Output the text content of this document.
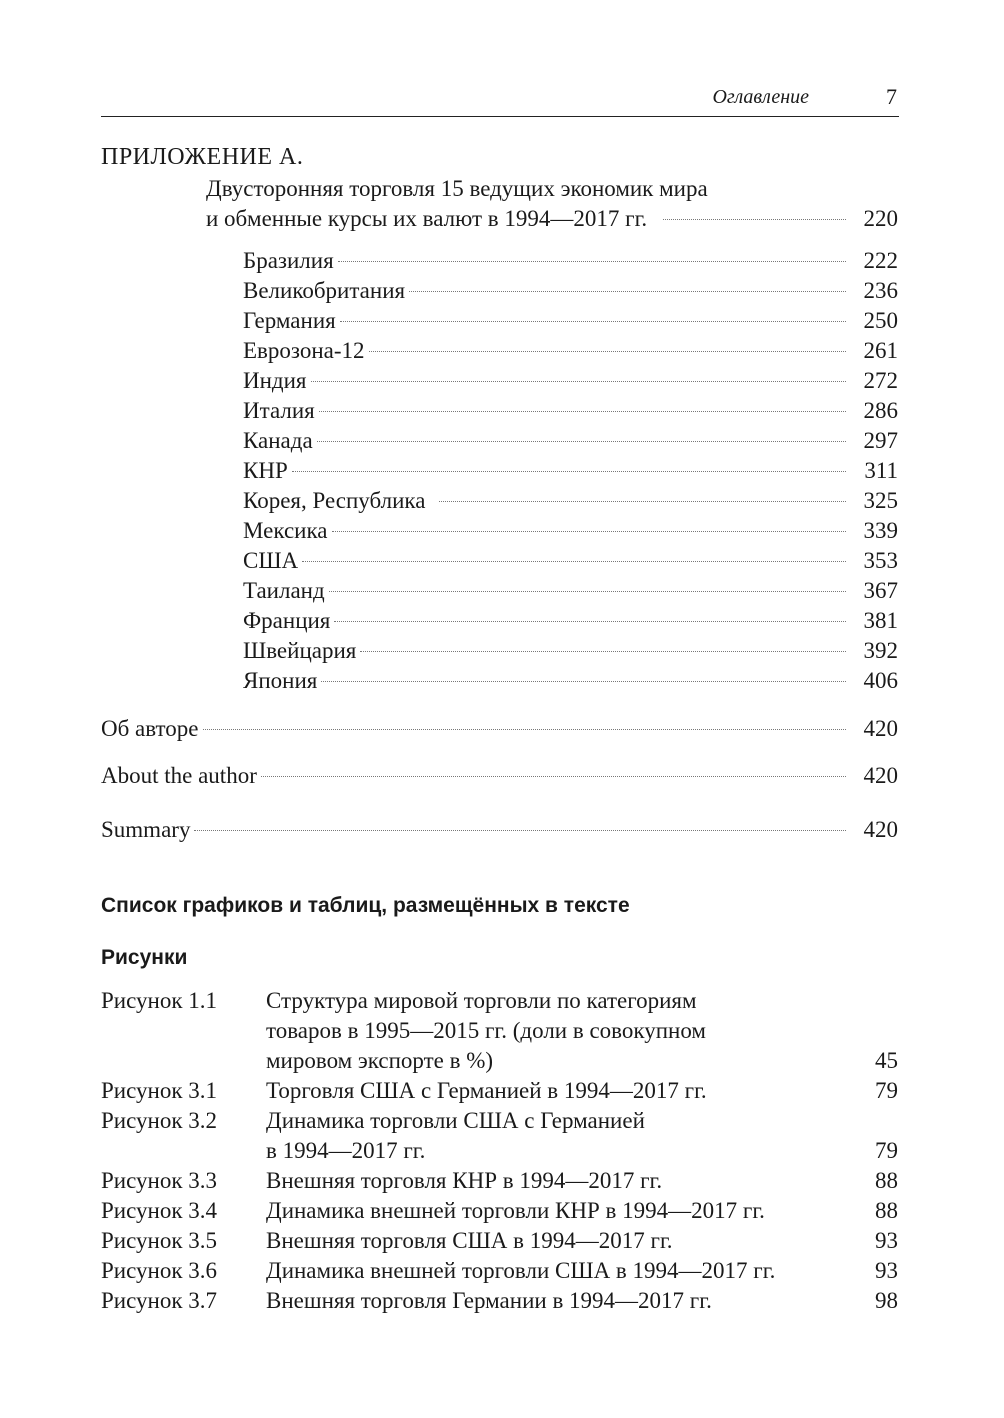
Оглавление	7
ПРИЛОЖЕНИЕ А.
Двусторонняя торговля 15 ведущих экономик мира
и обменные курсы их валют в 1994—2017 гг.	220
Бразилия	222
Великобритания	236
Германия	250
Еврозона-12	261
Индия	272
Италия	286
Канада	297
КНР	311
Корея, Республика	325
Мексика	339
США	353
Таиланд	367
Франция	381
Швейцария	392
Япония	406
Об авторе	420
About the author	420
Summary	420
Список графиков и таблиц, размещённых в тексте
Рисунки
Рисунок 1.1	Структура мировой торговли по категориям
товаров в 1995—2015 гг. (доли в совокупном
мировом экспорте в %)	45
Рисунок 3.1	Торговля США с Германией в 1994—2017 гг.	79
Рисунок 3.2	Динамика торговли США с Германией
в 1994—2017 гг.	79
Рисунок 3.3	Внешняя торговля КНР в 1994—2017 гг.	88
Рисунок 3.4	Динамика внешней торговли КНР в 1994—2017 гг.	88
Рисунок 3.5	Внешняя торговля США в 1994—2017 гг.	93
Рисунок 3.6	Динамика внешней торговли США в 1994—2017 гг.	93
Рисунок 3.7	Внешняя торговля Германии в 1994—2017 гг.	98
